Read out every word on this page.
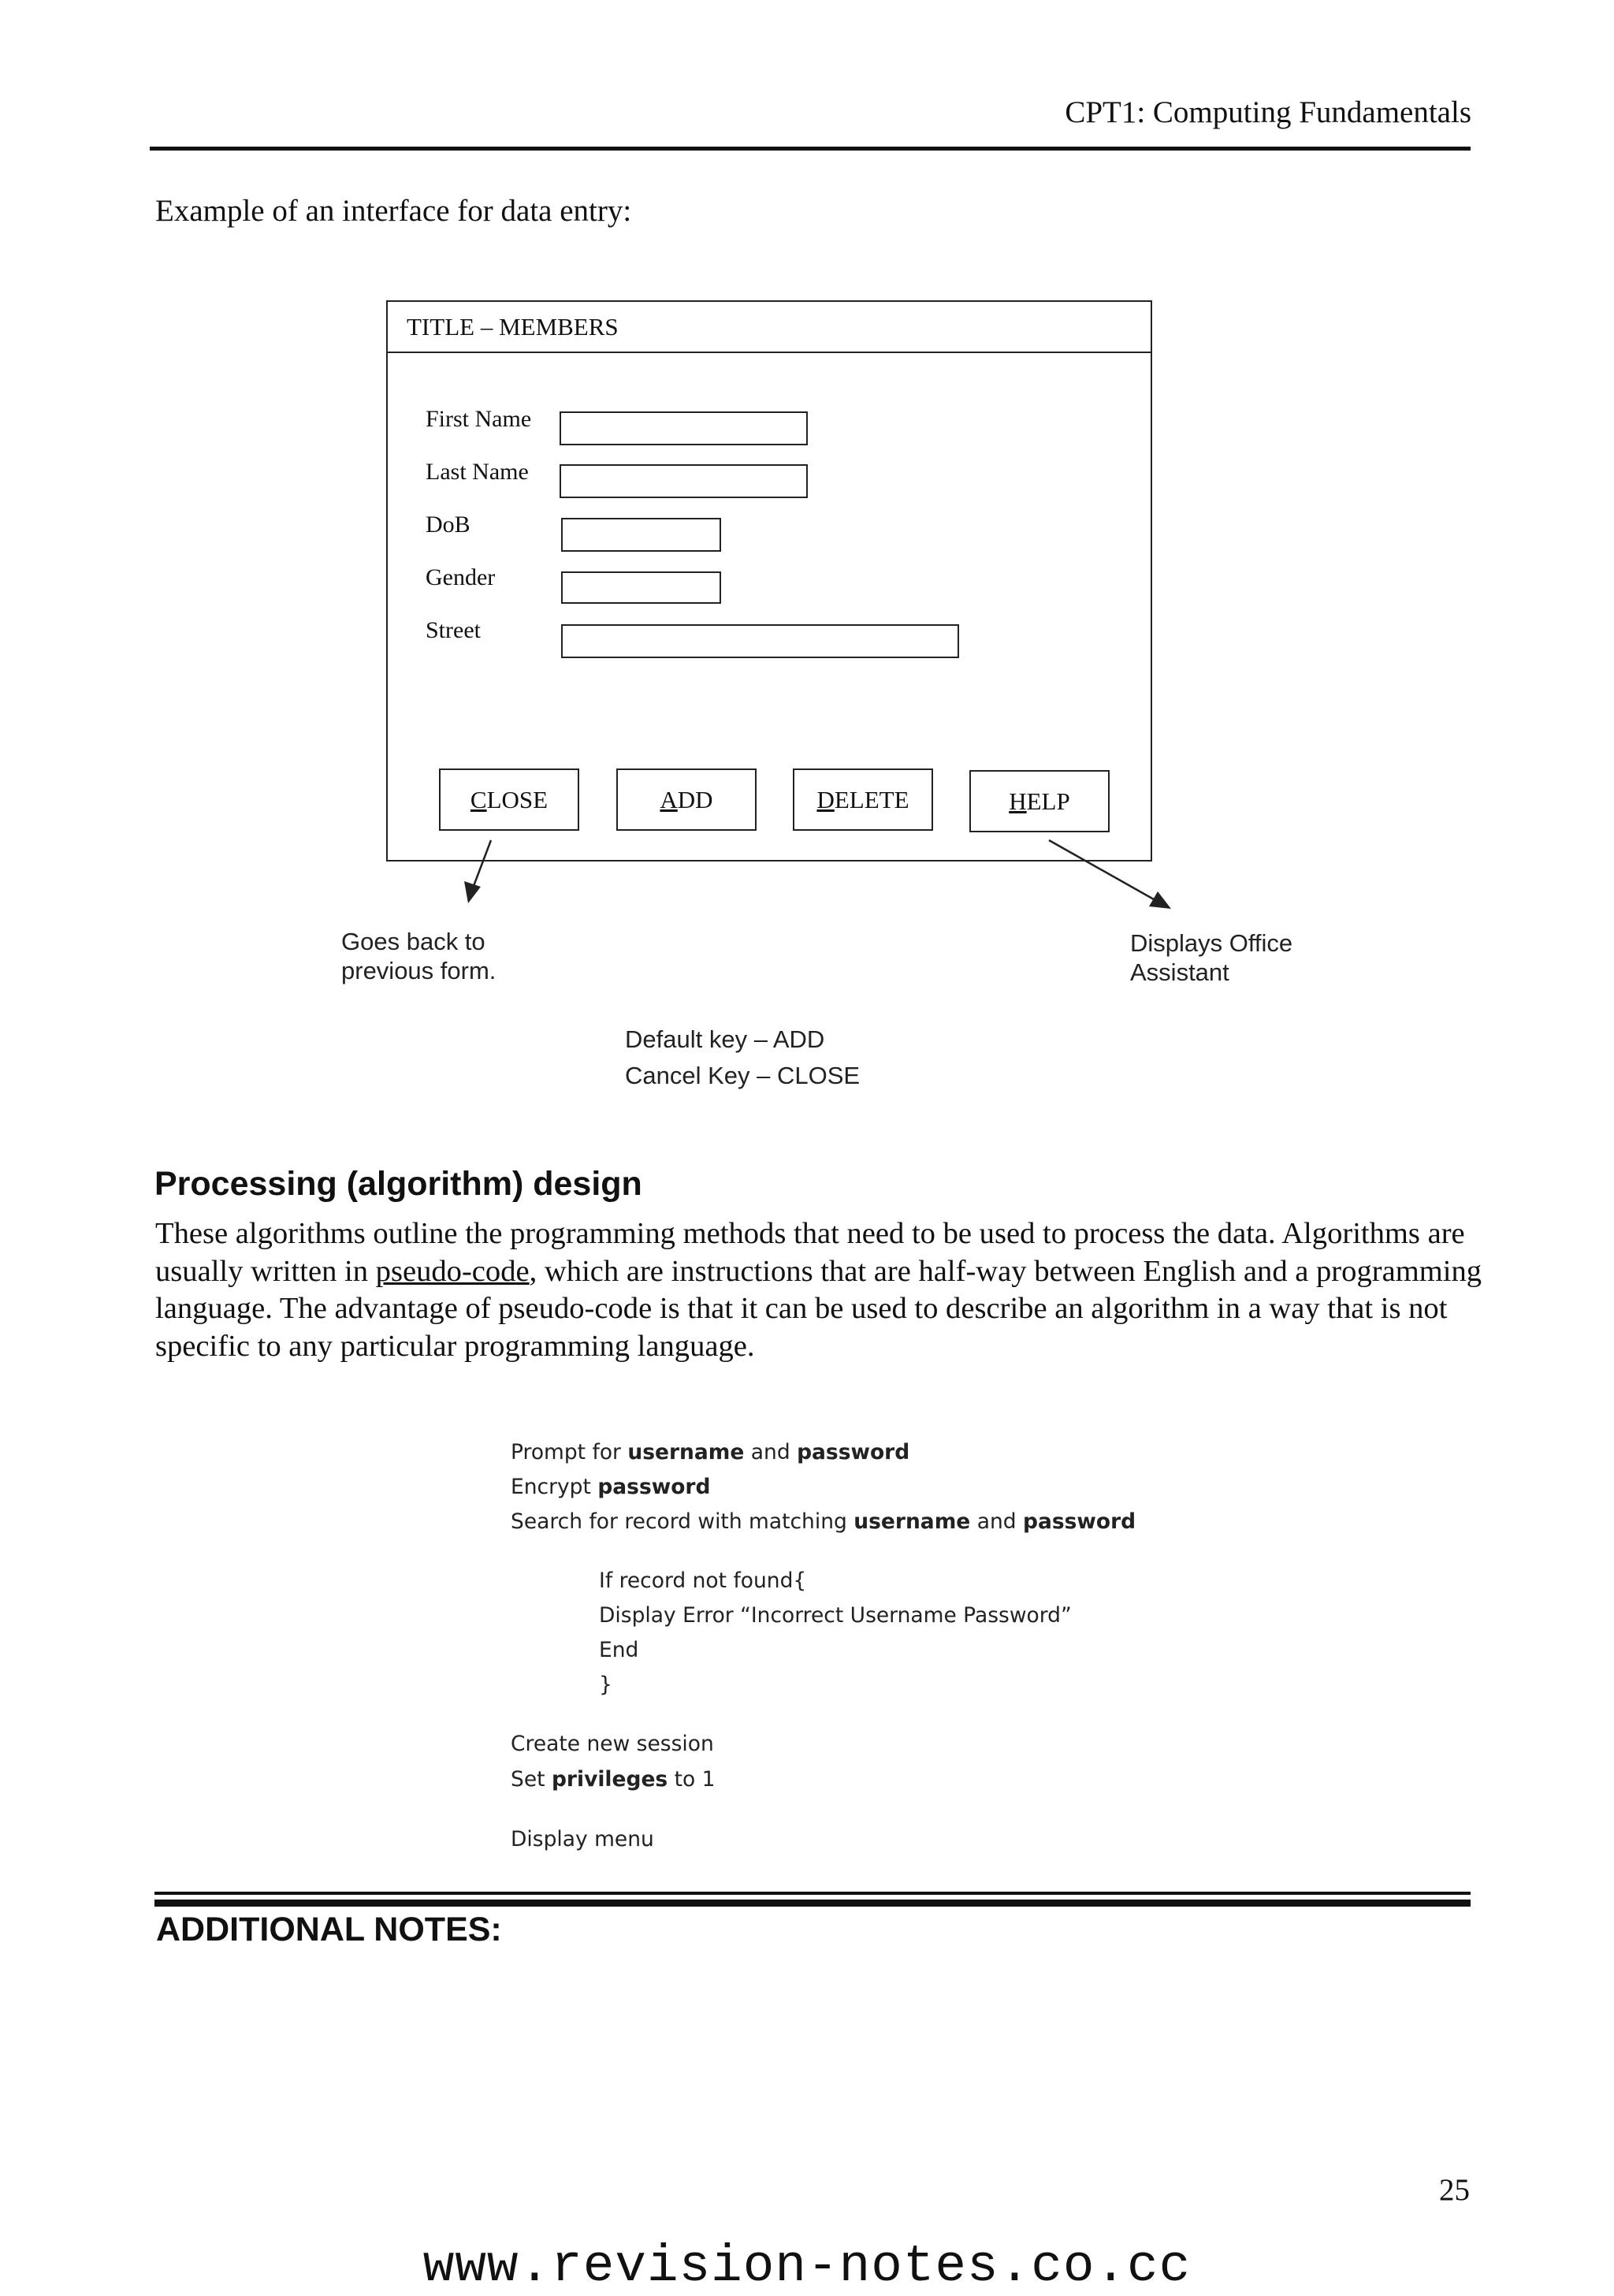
CPT1: Computing Fundamentals
Example of an interface for data entry:
TITLE – MEMBERS
First Name
Last Name
DoB
Gender
Street
C LOSE	A DD	D ELETE	H ELP
Goes back to
previous form.
Displays Office
Assistant
Default key – ADD
Cancel Key – CLOSE
Processing (algorithm) design
These algorithms outline the programming methods that need to be used to process the data. Algorithms are usually written in pseudo-code, which are instructions that are half-way between English and a programming language. The advantage of pseudo-code is that it can be used to describe an algorithm in a way that is not specific to any particular programming language.
Prompt for username and password
Encrypt password
Search for record with matching username and password
If record not found{
Display Error “Incorrect Username Password”
End
}
Create new session
Set privileges to 1
Display menu
ADDITIONAL NOTES:
25
www.revision-notes.co.cc
